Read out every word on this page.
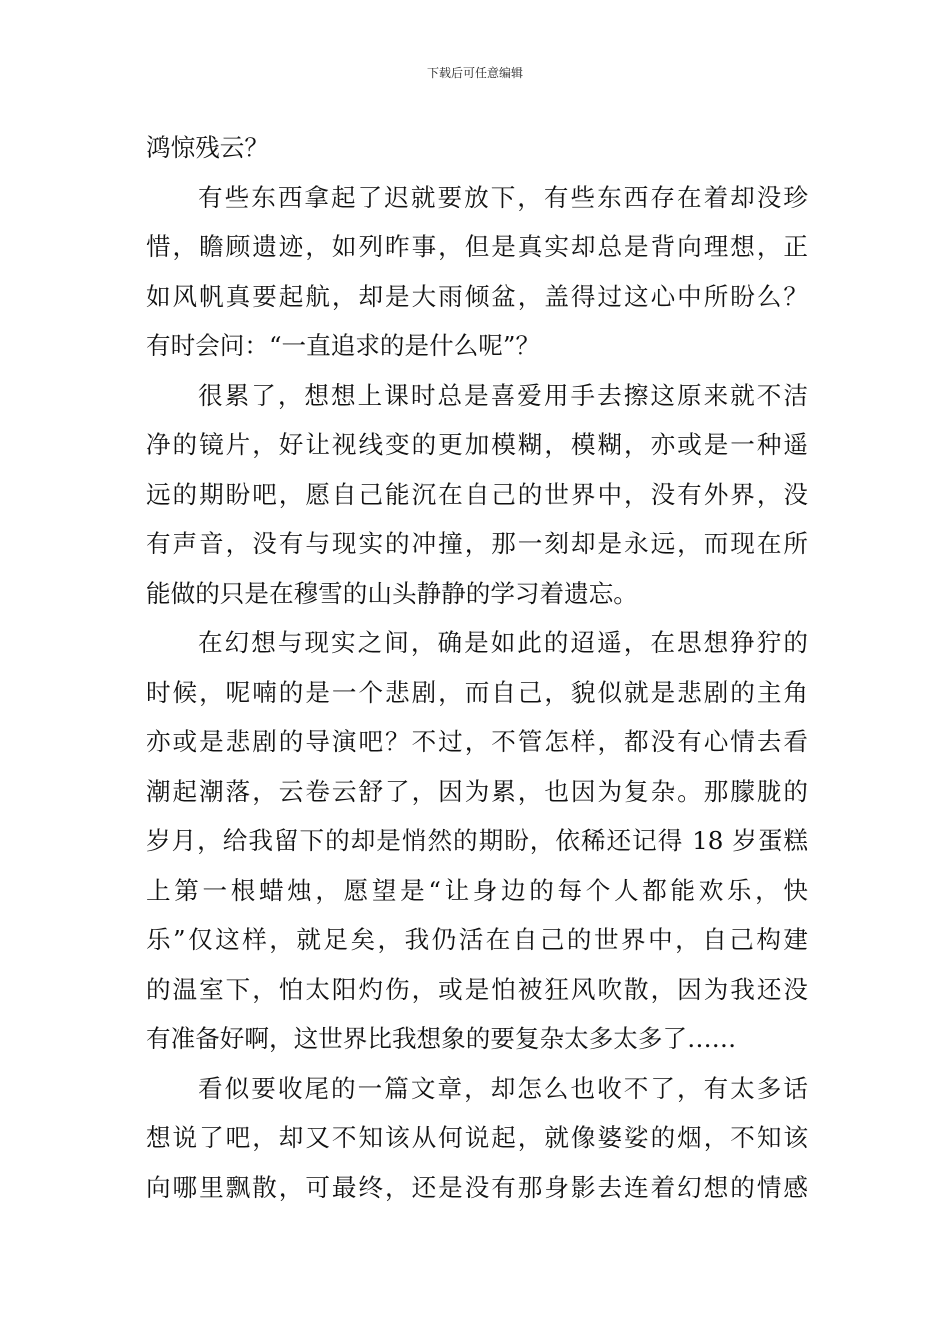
下载后可任意编辑
鸿惊残云？
有些东西拿起了迟就要放下，有些东西存在着却没珍
惜，瞻顾遗迹，如列昨事，但是真实却总是背向理想，正
如风帆真要起航，却是大雨倾盆，盖得过这心中所盼么？
有时会问：“一直追求的是什么呢”？
很累了，想想上课时总是喜爱用手去擦这原来就不洁
净的镜片，好让视线变的更加模糊，模糊，亦或是一种遥
远的期盼吧，愿自己能沉在自己的世界中，没有外界，没
有声音，没有与现实的冲撞，那一刻却是永远，而现在所
能做的只是在穆雪的山头静静的学习着遗忘。
在幻想与现实之间，确是如此的迢遥，在思想狰狞的
时候，呢喃的是一个悲剧，而自己，貌似就是悲剧的主角
亦或是悲剧的导演吧？不过，不管怎样，都没有心情去看
潮起潮落，云卷云舒了，因为累，也因为复杂。那朦胧的
岁月，给我留下的却是悄然的期盼，依稀还记得 18 岁蛋糕
上第一根蜡烛，愿望是“让身边的每个人都能欢乐，快
乐”仅这样，就足矣，我仍活在自己的世界中，自己构建
的温室下，怕太阳灼伤，或是怕被狂风吹散，因为我还没
有准备好啊，这世界比我想象的要复杂太多太多了……
看似要收尾的一篇文章，却怎么也收不了，有太多话
想说了吧，却又不知该从何说起，就像婆娑的烟，不知该
向哪里飘散，可最终，还是没有那身影去连着幻想的情感
